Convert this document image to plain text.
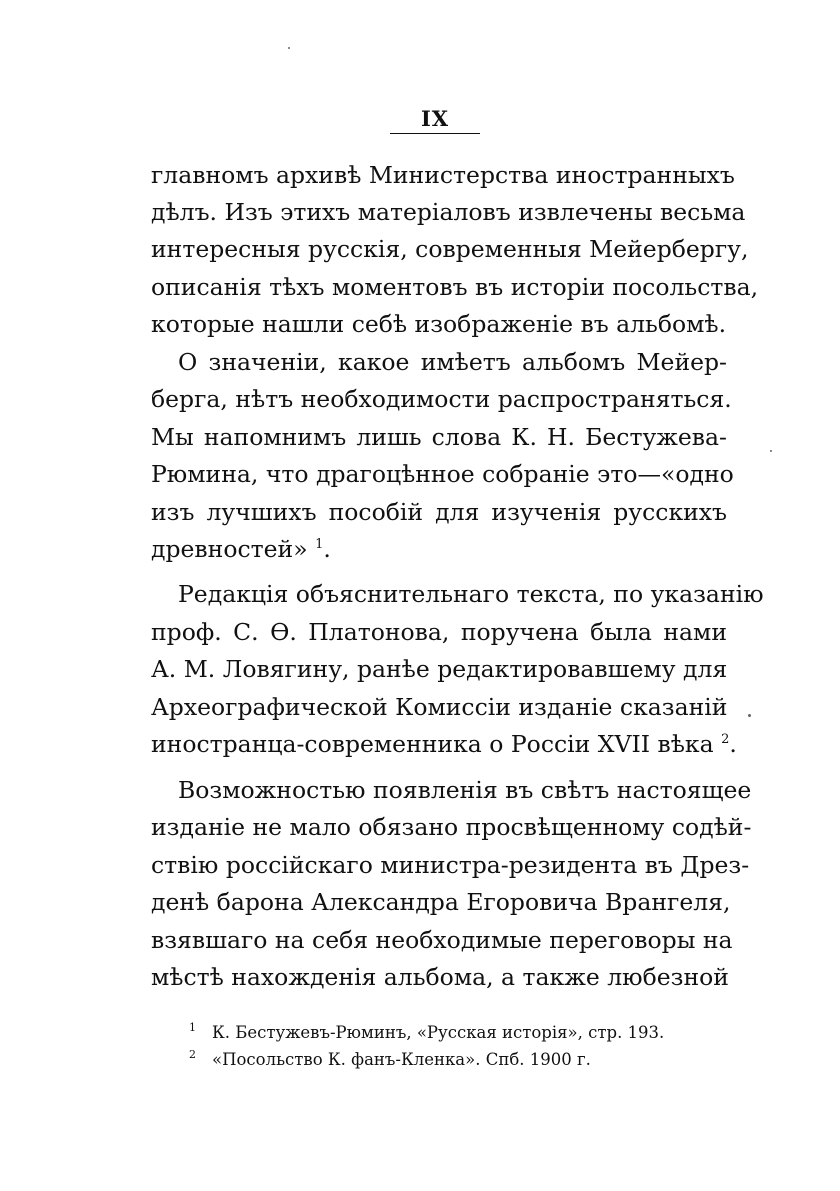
IX
главномъ архивѣ Министерства иностранныхъ
дѣлъ. Изъ этихъ матеріаловъ извлечены весьма
интересныя русскія, современныя Мейербергу,
описанія тѣхъ моментовъ въ исторіи посольства,
которые нашли себѣ изображеніе въ альбомѣ.
О значеніи, какое имѣетъ альбомъ Мейер-
берга, нѣтъ необходимости распространяться.
Мы напомнимъ лишь слова К. Н. Бестужева-
Рюмина, что драгоцѣнное собраніе это—«одно
изъ лучшихъ пособій для изученія русскихъ
древностей» $^1$.
Редакція объяснительнаго текста, по указанію
проф. С. Ѳ. Платонова, поручена была нами
А. М. Ловягину, ранѣе редактировавшему для
Археографической Комиссіи изданіе сказаній
иностранца-современника о Россіи XVII вѣка $^2$.
Возможностью появленія въ свѣтъ настоящее
изданіе не мало обязано просвѣщенному содѣй-
ствію россійскаго министра-резидента въ Дрез-
денѣ барона Александра Егоровича Врангеля,
взявшаго на себя необходимые переговоры на
мѣстѣ нахожденія альбома, а также любезной
1 К. Бестужевъ-Рюминъ, «Русская исторія», стр. 193.
2 «Посольство К. фанъ-Кленка». Спб. 1900 г.
